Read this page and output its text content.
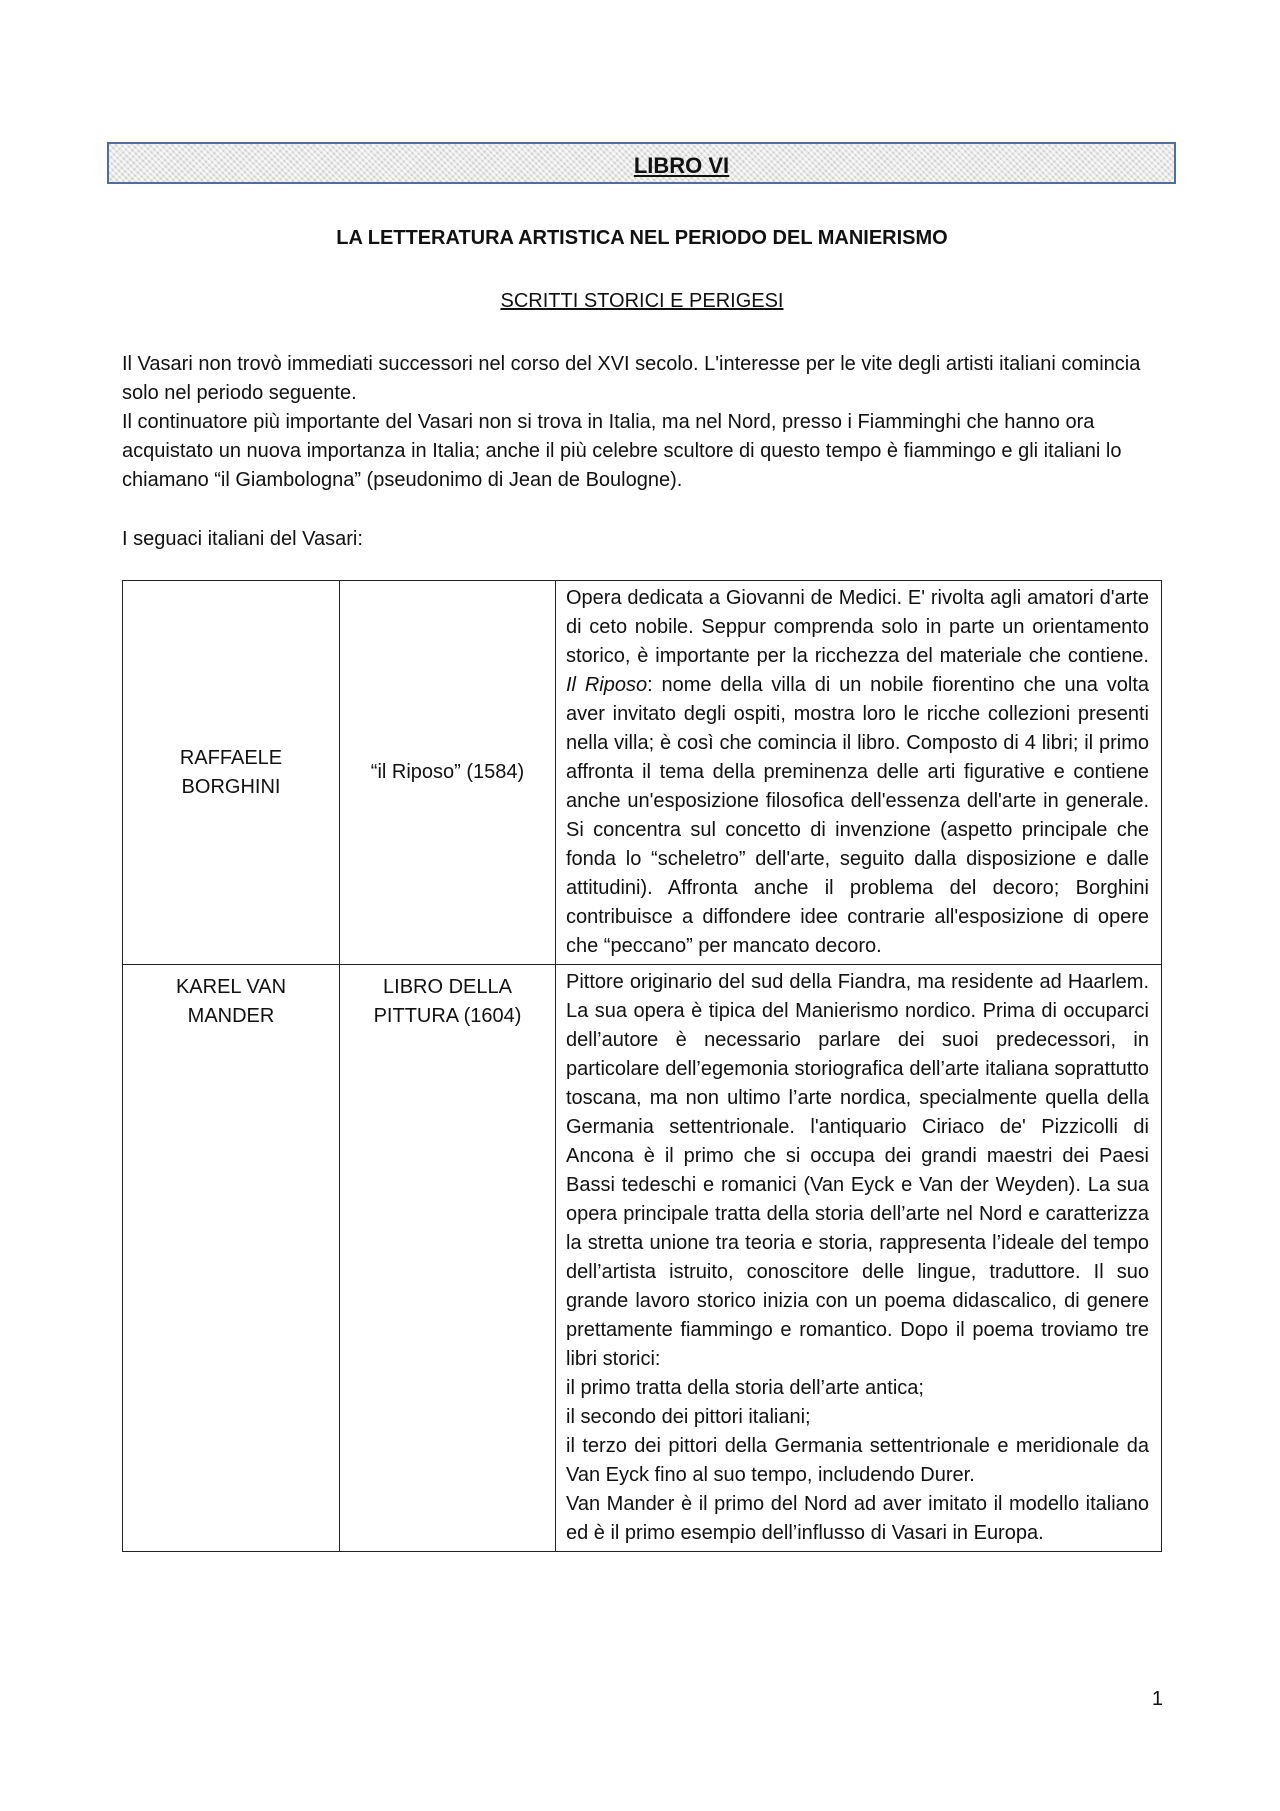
LIBRO VI
LA LETTERATURA ARTISTICA NEL PERIODO DEL MANIERISMO
SCRITTI STORICI E PERIGESI

Il Vasari non trovò immediati successori nel corso del XVI secolo. L'interesse per le vite degli artisti italiani comincia solo nel periodo seguente.

Il continuatore più importante del Vasari non si trova in Italia, ma nel Nord, presso i Fiamminghi che hanno ora acquistato un nuova importanza in Italia; anche il più celebre scultore di questo tempo è fiammingo e gli italiani lo chiamano “il Giambologna” (pseudonimo di Jean de Boulogne).

I seguaci italiani del Vasari:
RAFFAELE BORGHINI	“il Riposo” (1584)	Opera dedicata a Giovanni de Medici. E' rivolta agli amatori d'arte di ceto nobile. Seppur comprenda solo in parte un orientamento storico, è importante per la ricchezza del materiale che contiene. Il Riposo: nome della villa di un nobile fiorentino che una volta aver invitato degli ospiti, mostra loro le ricche collezioni presenti nella villa; è così che comincia il libro. Composto di 4 libri; il primo affronta il tema della preminenza delle arti figurative e contiene anche un'esposizione filosofica dell'essenza dell'arte in generale. Si concentra sul concetto di invenzione (aspetto principale che fonda lo “scheletro” dell'arte, seguito dalla disposizione e dalle attitudini). Affronta anche il problema del decoro; Borghini contribuisce a diffondere idee contrarie all'esposizione di opere che “peccano” per mancato decoro.
KAREL VAN MANDER	LIBRO DELLA PITTURA (1604)	Pittore originario del sud della Fiandra, ma residente ad Haarlem. La sua opera è tipica del Manierismo nordico. Prima di occuparci dell’autore è necessario parlare dei suoi predecessori, in particolare dell’egemonia storiografica dell’arte italiana soprattutto toscana, ma non ultimo l’arte nordica, specialmente quella della Germania settentrionale. l'antiquario Ciriaco de' Pizzicolli di Ancona è il primo che si occupa dei grandi maestri dei Paesi Bassi tedeschi e romanici (Van Eyck e Van der Weyden). La sua opera principale tratta della storia dell’arte nel Nord e caratterizza la stretta unione tra teoria e storia, rappresenta l’ideale del tempo dell’artista istruito, conoscitore delle lingue, traduttore. Il suo grande lavoro storico inizia con un poema didascalico, di genere prettamente fiammingo e romantico. Dopo il poema troviamo tre libri storici:
il primo tratta della storia dell’arte antica;
il secondo dei pittori italiani;
il terzo dei pittori della Germania settentrionale e meridionale da Van Eyck fino al suo tempo, includendo Durer.
Van Mander è il primo del Nord ad aver imitato il modello italiano ed è il primo esempio dell’influsso di Vasari in Europa.
1
